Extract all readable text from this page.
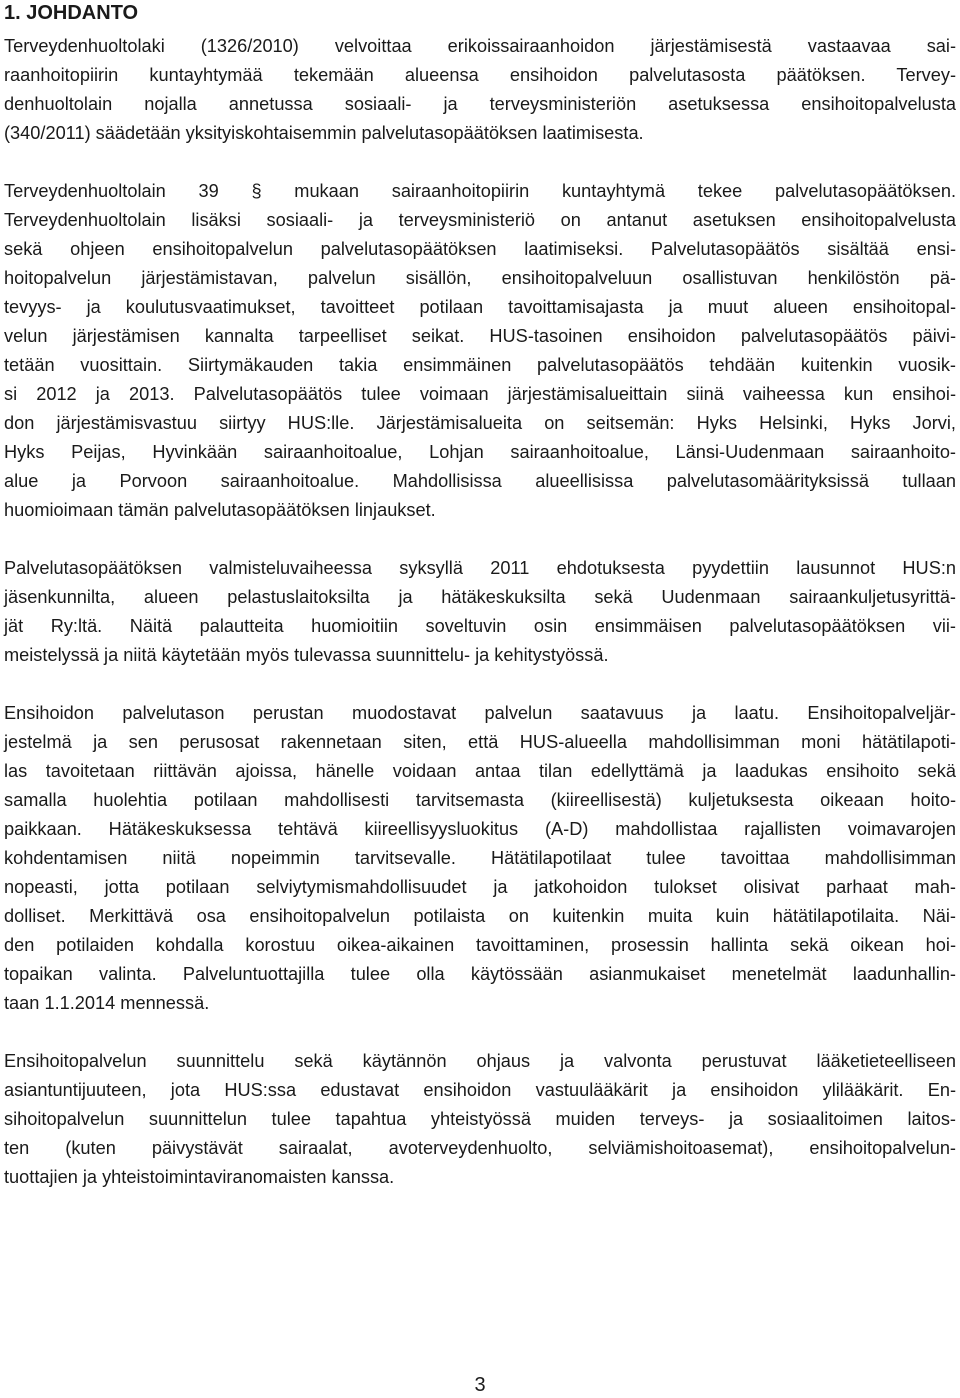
1. JOHDANTO
Terveydenhuoltolaki (1326/2010) velvoittaa erikoissairaanhoidon järjestämisestä vastaavaa sai-
raanhoitopiirin kuntayhtymää tekemään alueensa ensihoidon palvelutasosta päätöksen. Tervey-
denhuoltolain nojalla annetussa sosiaali- ja terveysministeriön asetuksessa ensihoitopalvelusta
(340/2011) säädetään yksityiskohtaisemmin palvelutasopäätöksen laatimisesta.
Terveydenhuoltolain 39 § mukaan sairaanhoitopiirin kuntayhtymä tekee palvelutasopäätöksen.
Terveydenhuoltolain lisäksi sosiaali- ja terveysministeriö on antanut asetuksen ensihoitopalvelusta
sekä ohjeen ensihoitopalvelun palvelutasopäätöksen laatimiseksi. Palvelutasopäätös sisältää ensi-
hoitopalvelun järjestämistavan, palvelun sisällön, ensihoitopalveluun osallistuvan henkilöstön pä-
tevyys- ja koulutusvaatimukset, tavoitteet potilaan tavoittamisajasta ja muut alueen ensihoitopal-
velun järjestämisen kannalta tarpeelliset seikat. HUS-tasoinen ensihoidon palvelutasopäätös päivi-
tetään vuosittain. Siirtymäkauden takia ensimmäinen palvelutasopäätös tehdään kuitenkin vuosik-
si 2012 ja 2013. Palvelutasopäätös tulee voimaan järjestämisalueittain siinä vaiheessa kun ensihoi-
don järjestämisvastuu siirtyy HUS:lle. Järjestämisalueita on seitsemän: Hyks Helsinki, Hyks Jorvi,
Hyks Peijas, Hyvinkään sairaanhoitoalue, Lohjan sairaanhoitoalue, Länsi-Uudenmaan sairaanhoito-
alue ja Porvoon sairaanhoitoalue. Mahdollisissa alueellisissa palvelutasomäärityksissä tullaan
huomioimaan tämän palvelutasopäätöksen linjaukset.
Palvelutasopäätöksen valmisteluvaiheessa syksyllä 2011 ehdotuksesta pyydettiin lausunnot HUS:n
jäsenkunnilta, alueen pelastuslaitoksilta ja hätäkeskuksilta sekä Uudenmaan sairaankuljetusyrittä-
jät Ry:ltä. Näitä palautteita huomioitiin soveltuvin osin ensimmäisen palvelutasopäätöksen vii-
meistelyssä ja niitä käytetään myös tulevassa suunnittelu- ja kehitystyössä.
Ensihoidon palvelutason perustan muodostavat palvelun saatavuus ja laatu. Ensihoitopalveljär-
jestelmä ja sen perusosat rakennetaan siten, että HUS-alueella mahdollisimman moni hätätilapoti-
las tavoitetaan riittävän ajoissa, hänelle voidaan antaa tilan edellyttämä ja laadukas ensihoito sekä
samalla huolehtia potilaan mahdollisesti tarvitsemasta (kiireellisestä) kuljetuksesta oikeaan hoito-
paikkaan. Hätäkeskuksessa tehtävä kiireellisyysluokitus (A-D) mahdollistaa rajallisten voimavarojen
kohdentamisen niitä nopeimmin tarvitsevalle. Hätätilapotilaat tulee tavoittaa mahdollisimman
nopeasti, jotta potilaan selviytymismahdollisuudet ja jatkohoidon tulokset olisivat parhaat mah-
dolliset. Merkittävä osa ensihoitopalvelun potilaista on kuitenkin muita kuin hätätilapotilaita. Näi-
den potilaiden kohdalla korostuu oikea-aikainen tavoittaminen, prosessin hallinta sekä oikean hoi-
topaikan valinta. Palveluntuottajilla tulee olla käytössään asianmukaiset menetelmät laadunhallin-
taan 1.1.2014 mennessä.
Ensihoitopalvelun suunnittelu sekä käytännön ohjaus ja valvonta perustuvat lääketieteelliseen
asiantuntijuuteen, jota HUS:ssa edustavat ensihoidon vastuulääkärit ja ensihoidon ylilääkärit. En-
sihoitopalvelun suunnittelun tulee tapahtua yhteistyössä muiden terveys- ja sosiaalitoimen laitos-
ten (kuten päivystävät sairaalat, avoterveydenhuolto, selviämishoitoasemat), ensihoitopalvelun-
tuottajien ja yhteistoimintaviranomaisten kanssa.
3
